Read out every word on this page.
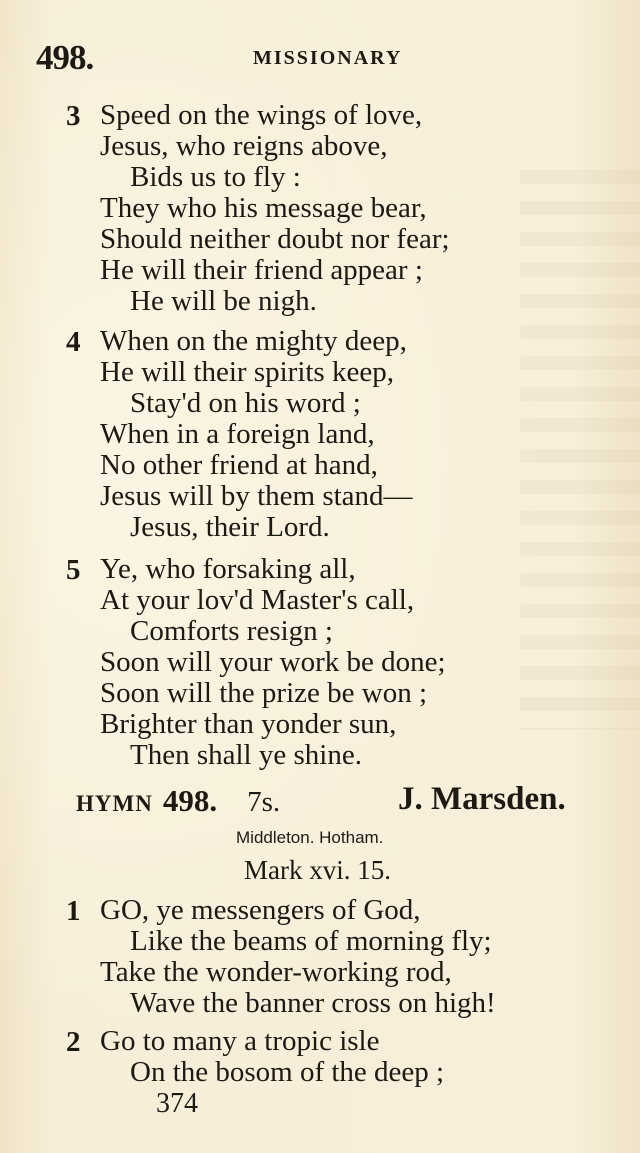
498.	MISSIONARY
3 Speed on the wings of love,
Jesus, who reigns above,
Bids us to fly :
They who his message bear,
Should neither doubt nor fear;
He will their friend appear ;
He will be nigh.
4 When on the mighty deep,
He will their spirits keep,
Stay'd on his word ;
When in a foreign land,
No other friend at hand,
Jesus will by them stand—
Jesus, their Lord.
5 Ye, who forsaking all,
At your lov'd Master's call,
Comforts resign ;
Soon will your work be done;
Soon will the prize be won ;
Brighter than yonder sun,
Then shall ye shine.
HYMN 498. 7s.	J. Marsden.
Middleton. Hotham.
Mark xvi. 15.
1 GO, ye messengers of God,
Like the beams of morning fly;
Take the wonder-working rod,
Wave the banner cross on high!
2 Go to many a tropic isle
On the bosom of the deep ;
374
